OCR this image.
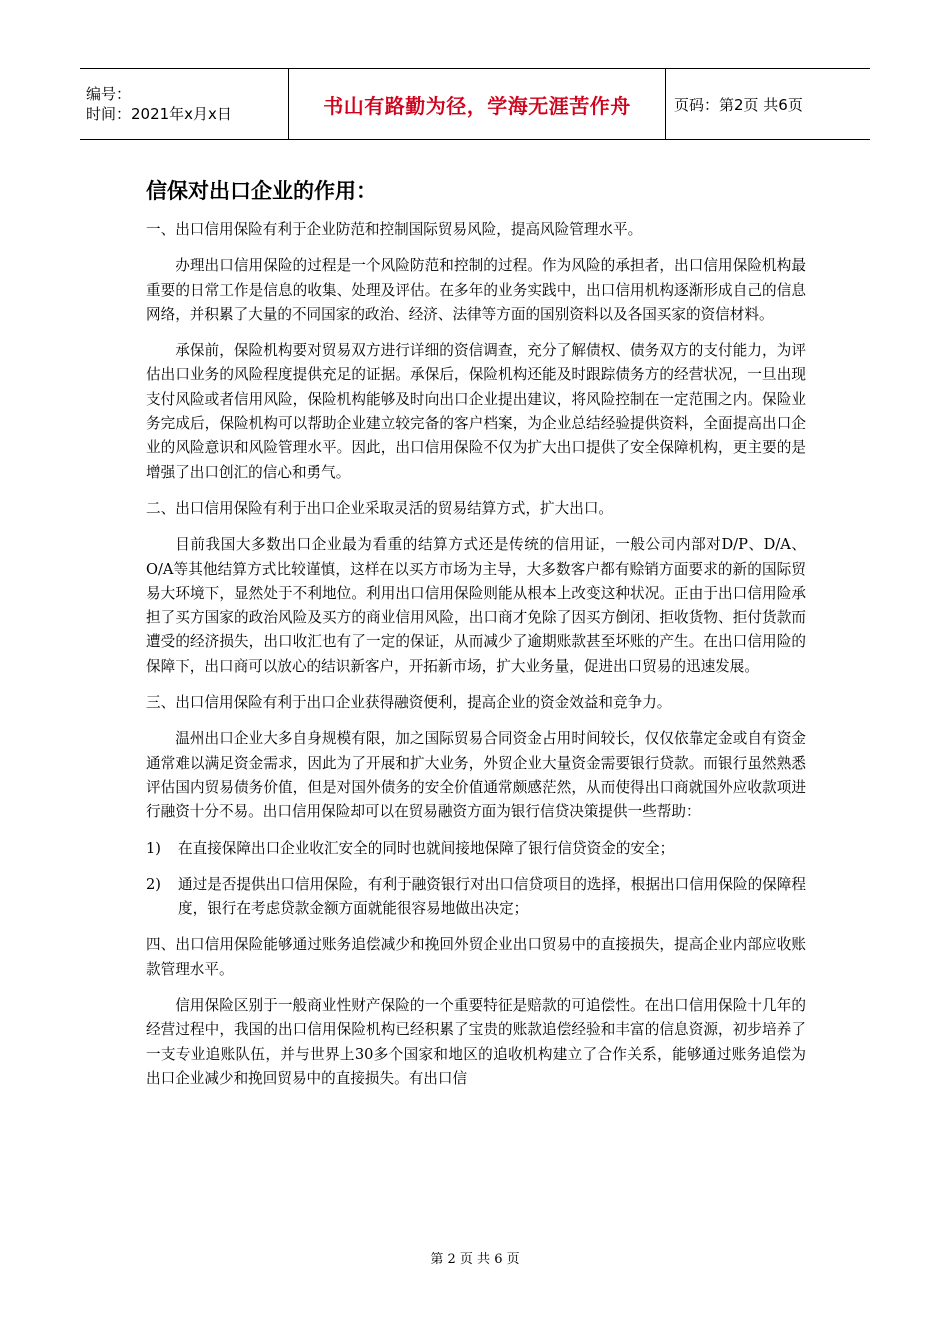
编号：
时间：2021年x月x日	书山有路勤为径，学海无涯苦作舟	页码：第2页 共6页
信保对出口企业的作用：

一、出口信用保险有利于企业防范和控制国际贸易风险，提高风险管理水平。

办理出口信用保险的过程是一个风险防范和控制的过程。作为风险的承担者，出口信用保险机构最重要的日常工作是信息的收集、处理及评估。在多年的业务实践中，出口信用机构逐渐形成自己的信息网络，并积累了大量的不同国家的政治、经济、法律等方面的国别资料以及各国买家的资信材料。

承保前，保险机构要对贸易双方进行详细的资信调查，充分了解债权、债务双方的支付能力，为评估出口业务的风险程度提供充足的证据。承保后，保险机构还能及时跟踪债务方的经营状况，一旦出现支付风险或者信用风险，保险机构能够及时向出口企业提出建议，将风险控制在一定范围之内。保险业务完成后，保险机构可以帮助企业建立较完备的客户档案，为企业总结经验提供资料，全面提高出口企业的风险意识和风险管理水平。因此，出口信用保险不仅为扩大出口提供了安全保障机构，更主要的是增强了出口创汇的信心和勇气。

二、出口信用保险有利于出口企业采取灵活的贸易结算方式，扩大出口。

目前我国大多数出口企业最为看重的结算方式还是传统的信用证，一般公司内部对D/P、D/A、O/A等其他结算方式比较谨慎，这样在以买方市场为主导，大多数客户都有赊销方面要求的新的国际贸易大环境下，显然处于不利地位。利用出口信用保险则能从根本上改变这种状况。正由于出口信用险承担了买方国家的政治风险及买方的商业信用风险，出口商才免除了因买方倒闭、拒收货物、拒付货款而遭受的经济损失，出口收汇也有了一定的保证，从而减少了逾期账款甚至坏账的产生。在出口信用险的保障下，出口商可以放心的结识新客户，开拓新市场，扩大业务量，促进出口贸易的迅速发展。

三、出口信用保险有利于出口企业获得融资便利，提高企业的资金效益和竞争力。

温州出口企业大多自身规模有限，加之国际贸易合同资金占用时间较长，仅仅依靠定金或自有资金通常难以满足资金需求，因此为了开展和扩大业务，外贸企业大量资金需要银行贷款。而银行虽然熟悉评估国内贸易债务价值，但是对国外债务的安全价值通常颇感茫然，从而使得出口商就国外应收款项进行融资十分不易。出口信用保险却可以在贸易融资方面为银行信贷决策提供一些帮助：

1)	在直接保障出口企业收汇安全的同时也就间接地保障了银行信贷资金的安全；
2)	通过是否提供出口信用保险，有利于融资银行对出口信贷项目的选择，根据出口信用保险的保障程度，银行在考虑贷款金额方面就能很容易地做出决定；

四、出口信用保险能够通过账务追偿减少和挽回外贸企业出口贸易中的直接损失，提高企业内部应收账款管理水平。

信用保险区别于一般商业性财产保险的一个重要特征是赔款的可追偿性。在出口信用保险十几年的经营过程中，我国的出口信用保险机构已经积累了宝贵的账款追偿经验和丰富的信息资源，初步培养了一支专业追账队伍，并与世界上30多个国家和地区的追收机构建立了合作关系，能够通过账务追偿为出口企业减少和挽回贸易中的直接损失。有出口信

第 2 页 共 6 页
